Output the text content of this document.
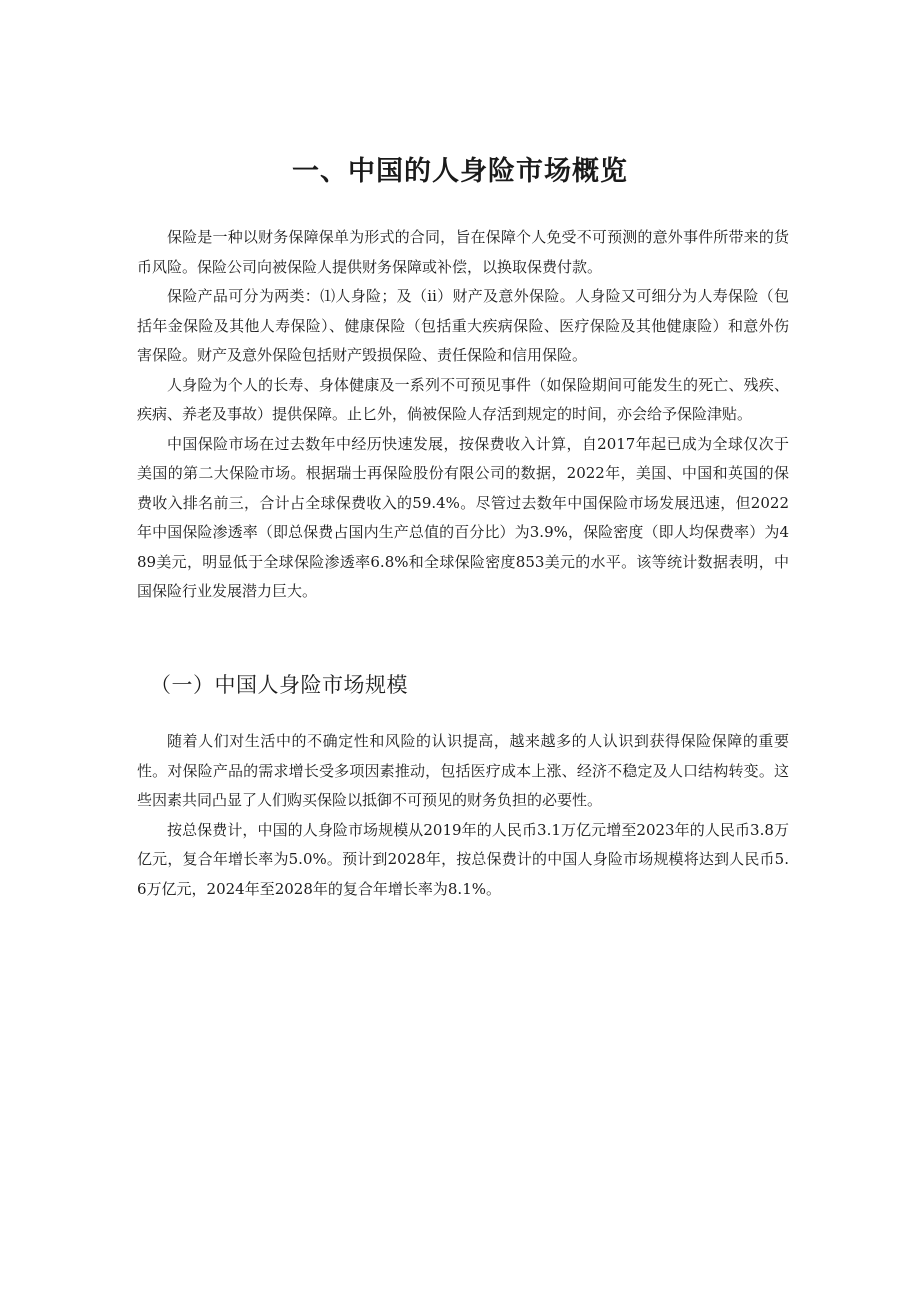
一、中国的人身险市场概览

保险是一种以财务保障保单为形式的合同，旨在保障个人免受不可预测的意外事件所带来的货币风险。保险公司向被保险人提供财务保障或补偿，以换取保费付款。

保险产品可分为两类：⑴人身险；及（ⅱ）财产及意外保险。人身险又可细分为人寿保险（包括年金保险及其他人寿保险）、健康保险（包括重大疾病保险、医疗保险及其他健康险）和意外伤害保险。财产及意外保险包括财产毁损保险、责任保险和信用保险。

人身险为个人的长寿、身体健康及一系列不可预见事件（如保险期间可能发生的死亡、残疾、疾病、养老及事故）提供保障。止匕外，倘被保险人存活到规定的时间，亦会给予保险津贴。

中国保险市场在过去数年中经历快速发展，按保费收入计算，自2017年起已成为全球仅次于美国的第二大保险市场。根据瑞士再保险股份有限公司的数据，2022年，美国、中国和英国的保费收入排名前三，合计占全球保费收入的59.4%。尽管过去数年中国保险市场发展迅速，但2022年中国保险渗透率（即总保费占国内生产总值的百分比）为3.9%，保险密度（即人均保费率）为489美元，明显低于全球保险渗透率6.8%和全球保险密度853美元的水平。该等统计数据表明，中国保险行业发展潜力巨大。

（一）中国人身险市场规模

随着人们对生活中的不确定性和风险的认识提高，越来越多的人认识到获得保险保障的重要性。对保险产品的需求增长受多项因素推动，包括医疗成本上涨、经济不稳定及人口结构转变。这些因素共同凸显了人们购买保险以抵御不可预见的财务负担的必要性。

按总保费计，中国的人身险市场规模从2019年的人民币3.1万亿元增至2023年的人民币3.8万亿元，复合年增长率为5.0%。预计到2028年，按总保费计的中国人身险市场规模将达到人民币5.6万亿元，2024年至2028年的复合年增长率为8.1%。
